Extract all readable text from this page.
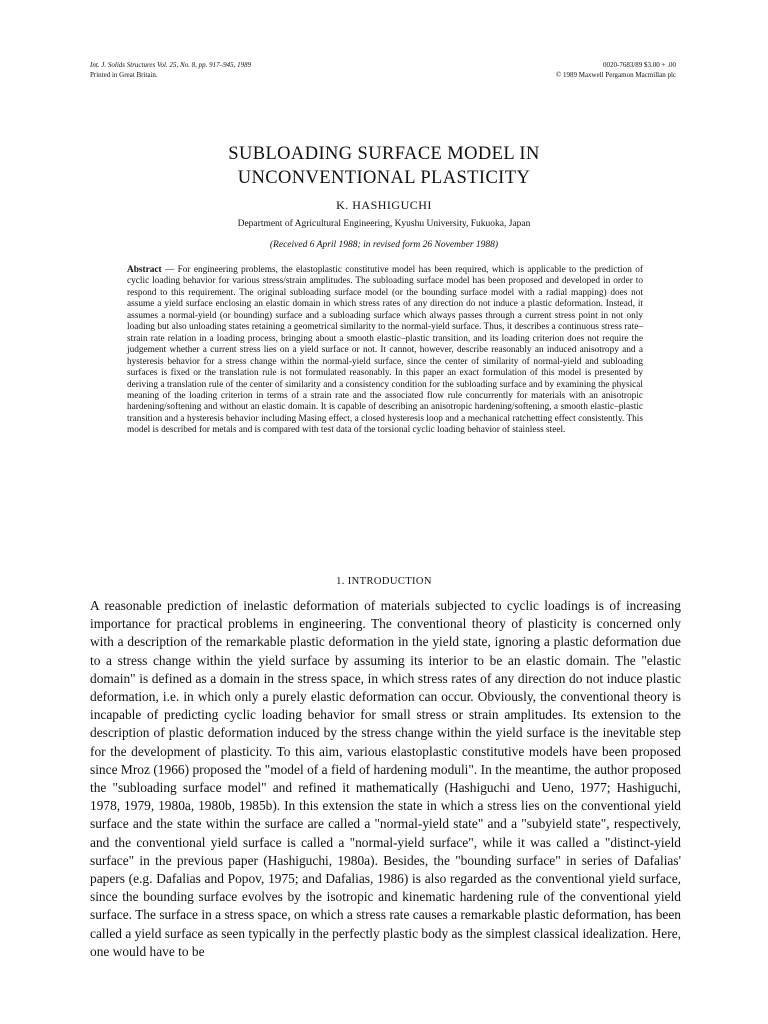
Int. J. Solids Structures Vol. 25, No. 8, pp. 917–945, 1989
Printed in Great Britain.
0020-7683/89 $3.00 + .00
© 1989 Maxwell Pergamon Macmillan plc
SUBLOADING SURFACE MODEL IN
UNCONVENTIONAL PLASTICITY
K. HASHIGUCHI
Department of Agricultural Engineering, Kyushu University, Fukuoka, Japan
(Received 6 April 1988; in revised form 26 November 1988)
Abstract — For engineering problems, the elastoplastic constitutive model has been required, which is applicable to the prediction of cyclic loading behavior for various stress/strain amplitudes. The subloading surface model has been proposed and developed in order to respond to this requirement. The original subloading surface model (or the bounding surface model with a radial mapping) does not assume a yield surface enclosing an elastic domain in which stress rates of any direction do not induce a plastic deformation. Instead, it assumes a normal-yield (or bounding) surface and a subloading surface which always passes through a current stress point in not only loading but also unloading states retaining a geometrical similarity to the normal-yield surface. Thus, it describes a continuous stress rate–strain rate relation in a loading process, bringing about a smooth elastic–plastic transition, and its loading criterion does not require the judgement whether a current stress lies on a yield surface or not. It cannot, however, describe reasonably an induced anisotropy and a hysteresis behavior for a stress change within the normal-yield surface, since the center of similarity of normal-yield and subloading surfaces is fixed or the translation rule is not formulated reasonably. In this paper an exact formulation of this model is presented by deriving a translation rule of the center of similarity and a consistency condition for the subloading surface and by examining the physical meaning of the loading criterion in terms of a strain rate and the associated flow rule concurrently for materials with an anisotropic hardening/softening and without an elastic domain. It is capable of describing an anisotropic hardening/softening, a smooth elastic–plastic transition and a hysteresis behavior including Masing effect, a closed hysteresis loop and a mechanical ratchetting effect consistently. This model is described for metals and is compared with test data of the torsional cyclic loading behavior of stainless steel.
1. INTRODUCTION

A reasonable prediction of inelastic deformation of materials subjected to cyclic loadings is of increasing importance for practical problems in engineering. The conventional theory of plasticity is concerned only with a description of the remarkable plastic deformation in the yield state, ignoring a plastic deformation due to a stress change within the yield surface by assuming its interior to be an elastic domain. The "elastic domain" is defined as a domain in the stress space, in which stress rates of any direction do not induce plastic deformation, i.e. in which only a purely elastic deformation can occur. Obviously, the conventional theory is incapable of predicting cyclic loading behavior for small stress or strain amplitudes. Its extension to the description of plastic deformation induced by the stress change within the yield surface is the inevitable step for the development of plasticity. To this aim, various elastoplastic constitutive models have been proposed since Mroz (1966) proposed the "model of a field of hardening moduli". In the meantime, the author proposed the "subloading surface model" and refined it mathematically (Hashiguchi and Ueno, 1977; Hashiguchi, 1978, 1979, 1980a, 1980b, 1985b). In this extension the state in which a stress lies on the conventional yield surface and the state within the surface are called a "normal-yield state" and a "subyield state", respectively, and the conventional yield surface is called a "normal-yield surface", while it was called a "distinct-yield surface" in the previous paper (Hashiguchi, 1980a). Besides, the "bounding surface" in series of Dafalias' papers (e.g. Dafalias and Popov, 1975; and Dafalias, 1986) is also regarded as the conventional yield surface, since the bounding surface evolves by the isotropic and kinematic hardening rule of the conventional yield surface. The surface in a stress space, on which a stress rate causes a remarkable plastic deformation, has been called a yield surface as seen typically in the perfectly plastic body as the simplest classical idealization. Here, one would have to be
